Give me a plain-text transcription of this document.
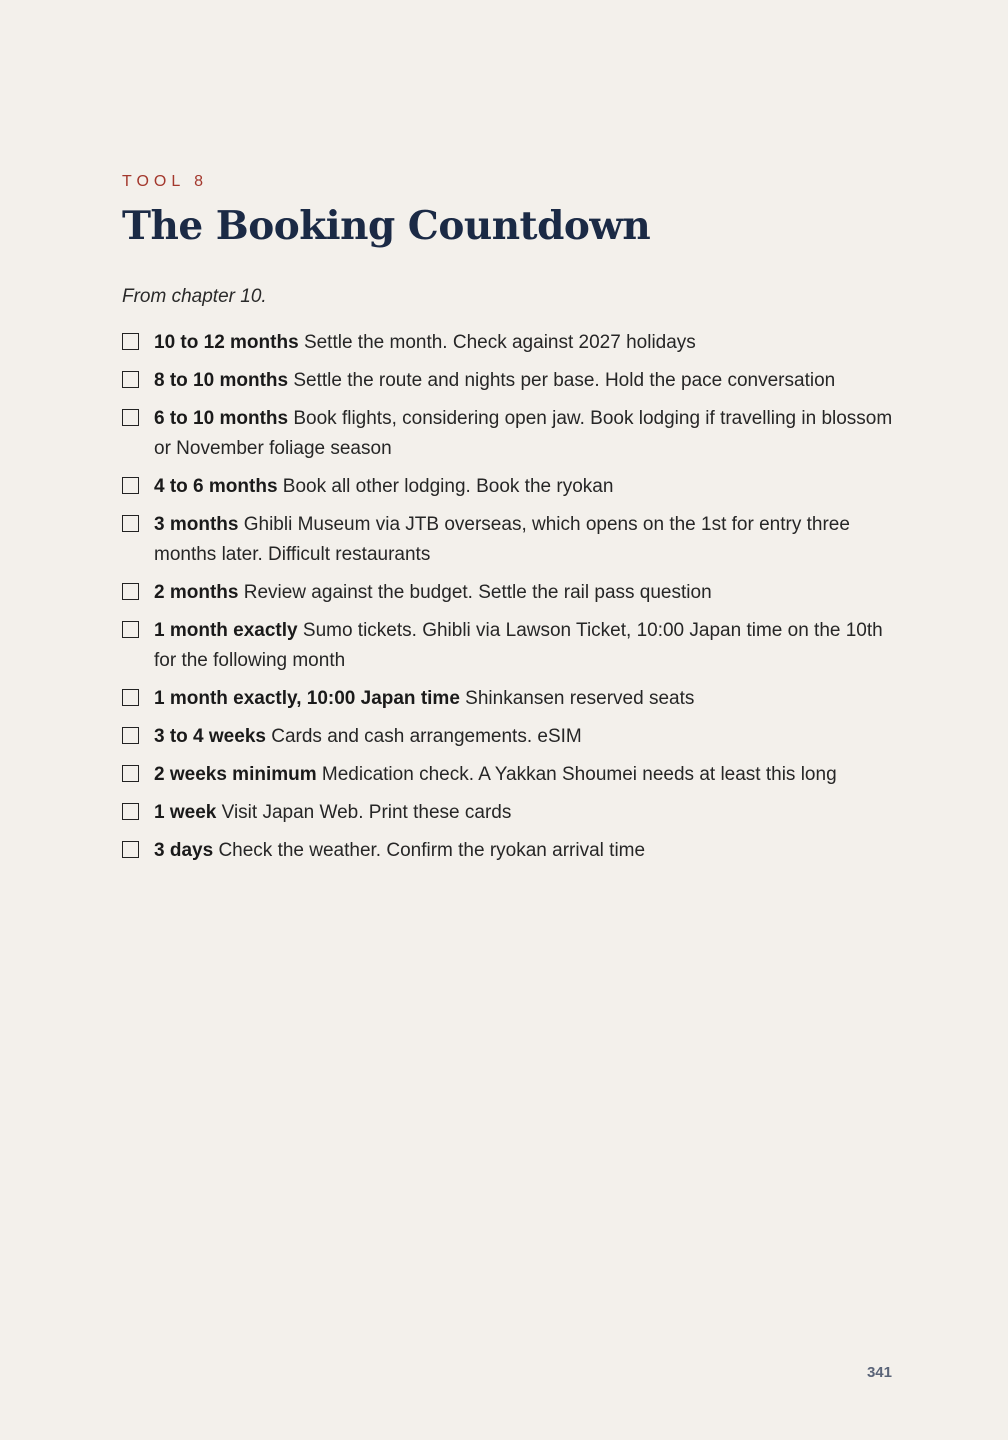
TOOL 8

The Booking Countdown

From chapter 10.

10 to 12 months Settle the month. Check against 2027 holidays
8 to 10 months Settle the route and nights per base. Hold the pace conversation
6 to 10 months Book flights, considering open jaw. Book lodging if travelling in blossom or November foliage season
4 to 6 months Book all other lodging. Book the ryokan
3 months Ghibli Museum via JTB overseas, which opens on the 1st for entry three months later. Difficult restaurants
2 months Review against the budget. Settle the rail pass question
1 month exactly Sumo tickets. Ghibli via Lawson Ticket, 10:00 Japan time on the 10th for the following month
1 month exactly, 10:00 Japan time Shinkansen reserved seats
3 to 4 weeks Cards and cash arrangements. eSIM
2 weeks minimum Medication check. A Yakkan Shoumei needs at least this long
1 week Visit Japan Web. Print these cards
3 days Check the weather. Confirm the ryokan arrival time
341
